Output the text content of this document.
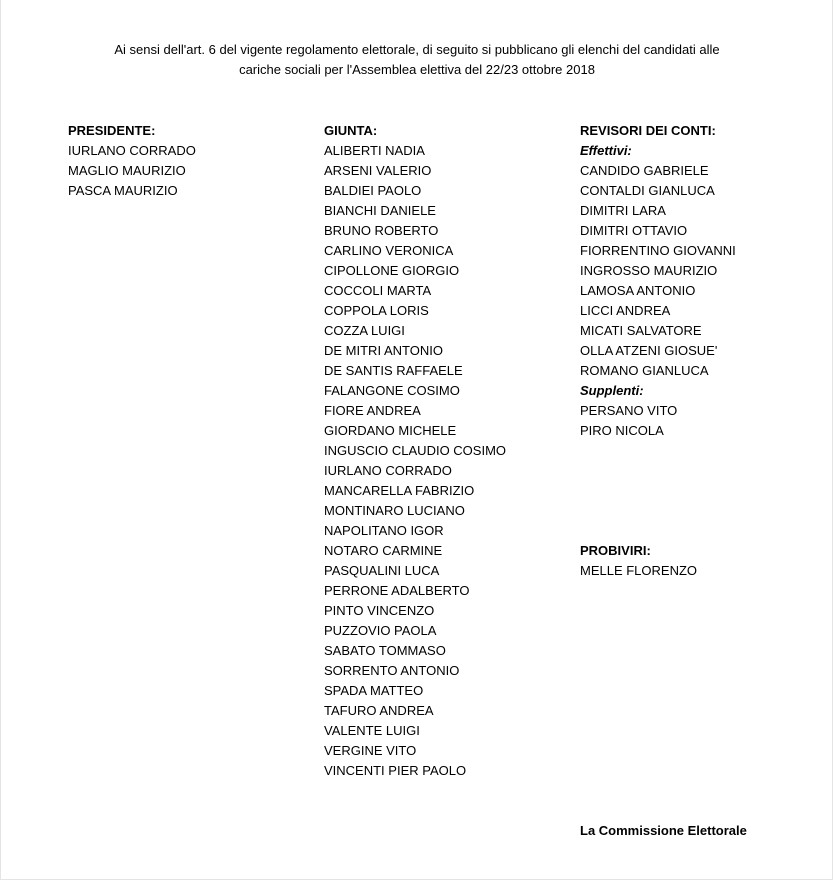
Ai sensi dell'art. 6 del vigente regolamento elettorale, di seguito si pubblicano gli elenchi del candidati alle
cariche sociali per l'Assemblea elettiva del 22/23 ottobre 2018
PRESIDENTE:
IURLANO CORRADO
MAGLIO MAURIZIO
PASCA MAURIZIO
GIUNTA:
ALIBERTI NADIA
ARSENI VALERIO
BALDIEI PAOLO
BIANCHI DANIELE
BRUNO ROBERTO
CARLINO VERONICA
CIPOLLONE GIORGIO
COCCOLI MARTA
COPPOLA LORIS
COZZA LUIGI
DE MITRI ANTONIO
DE SANTIS RAFFAELE
FALANGONE COSIMO
FIORE ANDREA
GIORDANO MICHELE
INGUSCIO CLAUDIO COSIMO
IURLANO CORRADO
MANCARELLA FABRIZIO
MONTINARO LUCIANO
NAPOLITANO IGOR
NOTARO CARMINE
PASQUALINI LUCA
PERRONE ADALBERTO
PINTO VINCENZO
PUZZOVIO PAOLA
SABATO TOMMASO
SORRENTO ANTONIO
SPADA MATTEO
TAFURO ANDREA
VALENTE LUIGI
VERGINE VITO
VINCENTI PIER PAOLO
REVISORI DEI CONTI:
Effettivi:
CANDIDO GABRIELE
CONTALDI GIANLUCA
DIMITRI LARA
DIMITRI OTTAVIO
FIORRENTINO GIOVANNI
INGROSSO MAURIZIO
LAMOSA ANTONIO
LICCI ANDREA
MICATI SALVATORE
OLLA ATZENI GIOSUE'
ROMANO GIANLUCA
Supplenti:
PERSANO VITO
PIRO NICOLA
PROBIVIRI:
MELLE FLORENZO
La Commissione Elettorale
